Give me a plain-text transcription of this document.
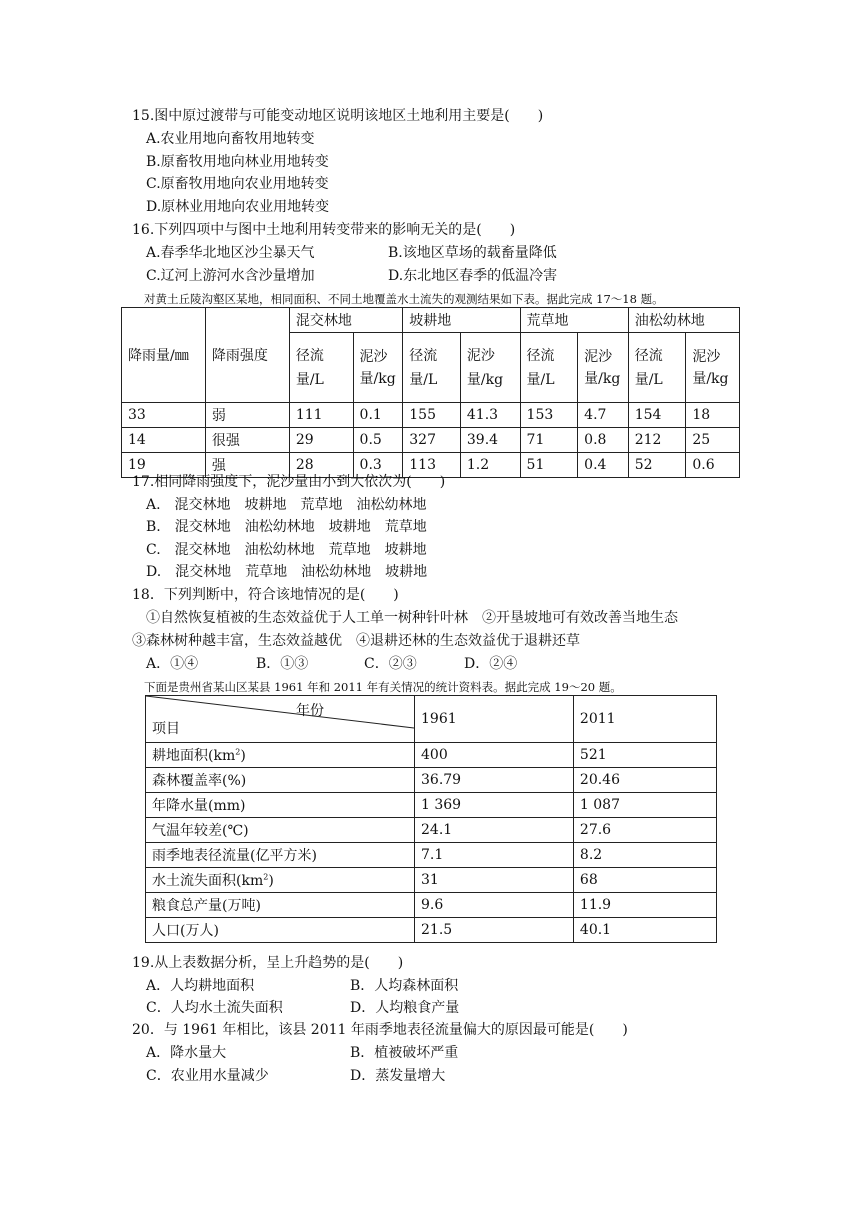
15.图中原过渡带与可能变动地区说明该地区土地利用主要是(　　)
A.农业用地向畜牧用地转变
B.原畜牧用地向林业用地转变
C.原畜牧用地向农业用地转变
D.原林业用地向农业用地转变
16.下列四项中与图中土地利用转变带来的影响无关的是(　　)
A.春季华北地区沙尘暴天气	B.该地区草场的载畜量降低
C.辽河上游河水含沙量增加	D.东北地区春季的低温冷害
对黄土丘陵沟壑区某地，相同面积、不同土地覆盖水土流失的观测结果如下表。据此完成 17～18 题。
降雨量/㎜	降雨强度	混交林地		坡耕地		荒草地		油松幼林地	
		径流量/L	泥沙量/kg	径流量/L	泥沙量/kg	径流量/L	泥沙量/kg	径流量/L	泥沙量/kg
33	弱	111	0.1	155	41.3	153	4.7	154	18
14	很强	29	0.5	327	39.4	71	0.8	212	25
19	强	28	0.3	113	1.2	51	0.4	52	0.6
17.相同降雨强度下，泥沙量由小到大依次为(　　)
A.　混交林地　坡耕地　荒草地　油松幼林地
B.　混交林地　油松幼林地　坡耕地　荒草地
C.　混交林地　油松幼林地　荒草地　坡耕地
D.　混交林地　荒草地　油松幼林地　坡耕地
18．下列判断中，符合该地情况的是(　　)
①自然恢复植被的生态效益优于人工单一树种针叶林　②开垦坡地可有效改善当地生态
③森林树种越丰富，生态效益越优　④退耕还林的生态效益优于退耕还草
A．①④	B．①③	C．②③	D．②④
下面是贵州省某山区某县 1961 年和 2011 年有关情况的统计资料表。据此完成 19～20 题。
年份
项目	1961	2011
耕地面积$(km^2)$	400	521
森林覆盖率(%)	36.79	20.46
年降水量(mm)	1 369	1 087
气温年较差(℃)	24.1	27.6
雨季地表径流量(亿平方米)	7.1	8.2
水土流失面积$(km^2)$	31	68
粮食总产量(万吨)	9.6	11.9
人口(万人)	21.5	40.1
19.从上表数据分析，呈上升趋势的是(　　)
A．人均耕地面积	B．人均森林面积
C．人均水土流失面积	D．人均粮食产量
20．与 1961 年相比，该县 2011 年雨季地表径流量偏大的原因最可能是(　　)
A．降水量大	B．植被破坏严重
C．农业用水量减少	D．蒸发量增大
